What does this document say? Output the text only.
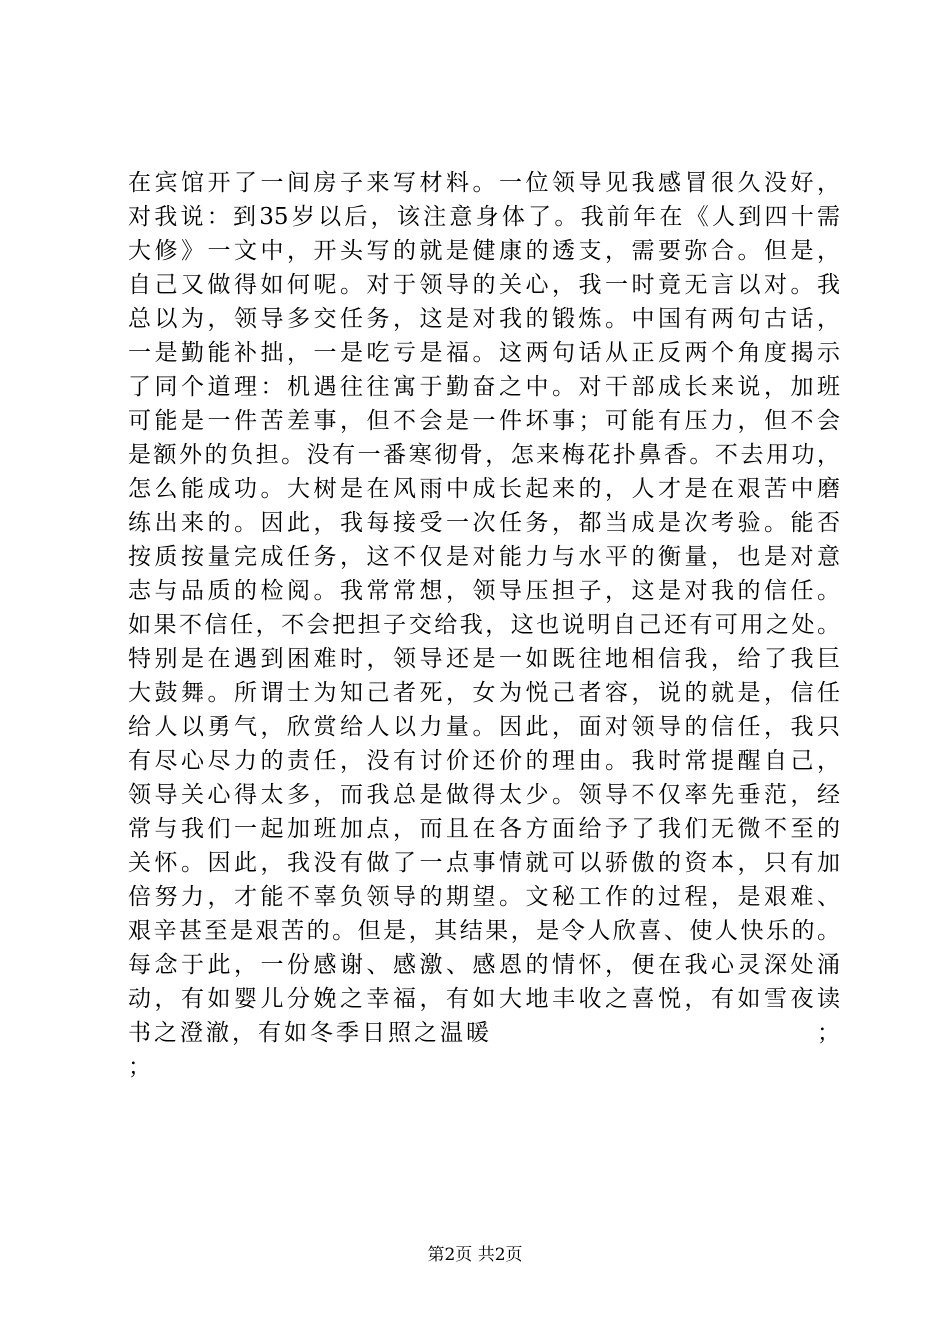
在宾馆开了一间房子来写材料。一位领导见我感冒很久没好，
对我说：到35岁以后，该注意身体了。我前年在《人到四十需
大修》一文中，开头写的就是健康的透支，需要弥合。但是，
自己又做得如何呢。对于领导的关心，我一时竟无言以对。我
总以为，领导多交任务，这是对我的锻炼。中国有两句古话，
一是勤能补拙，一是吃亏是福。这两句话从正反两个角度揭示
了同个道理：机遇往往寓于勤奋之中。对干部成长来说，加班
可能是一件苦差事，但不会是一件坏事；可能有压力，但不会
是额外的负担。没有一番寒彻骨，怎来梅花扑鼻香。不去用功，
怎么能成功。大树是在风雨中成长起来的，人才是在艰苦中磨
练出来的。因此，我每接受一次任务，都当成是次考验。能否
按质按量完成任务，这不仅是对能力与水平的衡量，也是对意
志与品质的检阅。我常常想，领导压担子，这是对我的信任。
如果不信任，不会把担子交给我，这也说明自己还有可用之处。
特别是在遇到困难时，领导还是一如既往地相信我，给了我巨
大鼓舞。所谓士为知己者死，女为悦己者容，说的就是，信任
给人以勇气，欣赏给人以力量。因此，面对领导的信任，我只
有尽心尽力的责任，没有讨价还价的理由。我时常提醒自己，
领导关心得太多，而我总是做得太少。领导不仅率先垂范，经
常与我们一起加班加点，而且在各方面给予了我们无微不至的
关怀。因此，我没有做了一点事情就可以骄傲的资本，只有加
倍努力，才能不辜负领导的期望。文秘工作的过程，是艰难、
艰辛甚至是艰苦的。但是，其结果，是令人欣喜、使人快乐的。
每念于此，一份感谢、感激、感恩的情怀，便在我心灵深处涌
动，有如婴儿分娩之幸福，有如大地丰收之喜悦，有如雪夜读
书之澄澈，有如冬季日照之温暖	；
；
第2页 共2页
